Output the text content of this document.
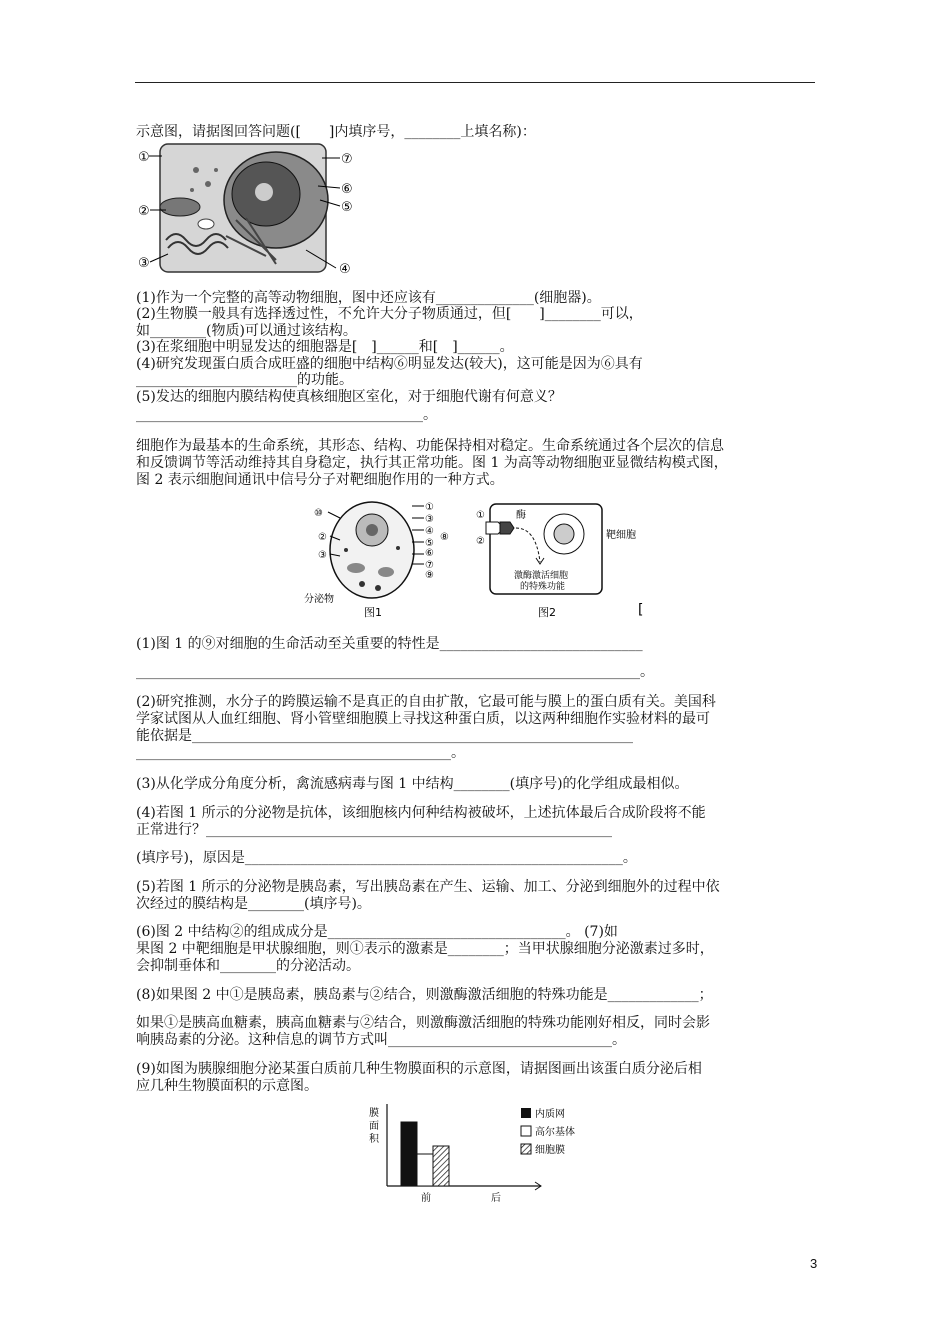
示意图，请据图回答问题([　　]内填序号，________上填名称)：
①
②
③	④
⑤
⑥
⑦
(1)作为一个完整的高等动物细胞，图中还应该有______________(细胞器)。
(2)生物膜一般具有选择透过性，不允许大分子物质通过，但[　　]________可以，
如________(物质)可以通过该结构。
(3)在浆细胞中明显发达的细胞器是[　]______和[　]______。
(4)研究发现蛋白质合成旺盛的细胞中结构⑥明显发达(较大)，这可能是因为⑥具有
_______________________的功能。
(5)发达的细胞内膜结构使真核细胞区室化，对于细胞代谢有何意义？
_________________________________________。
细胞作为最基本的生命系统，其形态、结构、功能保持相对稳定。生命系统通过各个层次的信息
和反馈调节等活动维持其自身稳定，执行其正常功能。图 1 为高等动物细胞亚显微结构模式图，
图 2 表示细胞间通讯中信号分子对靶细胞作用的一种方式。
①
③
④
⑤
⑥
⑦
⑧
⑨
⑩
②
③
分泌物
图1
①
②
酶
靶细胞
激酶激活细胞
的特殊功能
图2	[
(1)图 1 的⑨对细胞的生命活动至关重要的特性是_____________________________
________________________________________________________________________。
(2)研究推测，水分子的跨膜运输不是真正的自由扩散，它最可能与膜上的蛋白质有关。美国科
学家试图从人血红细胞、肾小管壁细胞膜上寻找这种蛋白质，以这两种细胞作实验材料的最可
能依据是_______________________________________________________________
_____________________________________________。
(3)从化学成分角度分析，禽流感病毒与图 1 中结构________(填序号)的化学组成最相似。
(4)若图 1 所示的分泌物是抗体，该细胞核内何种结构被破坏，上述抗体最后合成阶段将不能
正常进行？__________________________________________________________
(填序号)，原因是______________________________________________________。
(5)若图 1 所示的分泌物是胰岛素，写出胰岛素在产生、运输、加工、分泌到细胞外的过程中依
次经过的膜结构是________(填序号)。
(6)图 2 中结构②的组成成分是__________________________________。 (7)如
果图 2 中靶细胞是甲状腺细胞，则①表示的激素是________；当甲状腺细胞分泌激素过多时，
会抑制垂体和________的分泌活动。
(8)如果图 2 中①是胰岛素，胰岛素与②结合，则激酶激活细胞的特殊功能是_____________；
如果①是胰高血糖素，胰高血糖素与②结合，则激酶激活细胞的特殊功能刚好相反，同时会影
响胰岛素的分泌。这种信息的调节方式叫________________________________。
(9)如图为胰腺细胞分泌某蛋白质前几种生物膜面积的示意图，请据图画出该蛋白质分泌后相
应几种生物膜面积的示意图。
膜
面
积
前	后
内质网
高尔基体
细胞膜
3
